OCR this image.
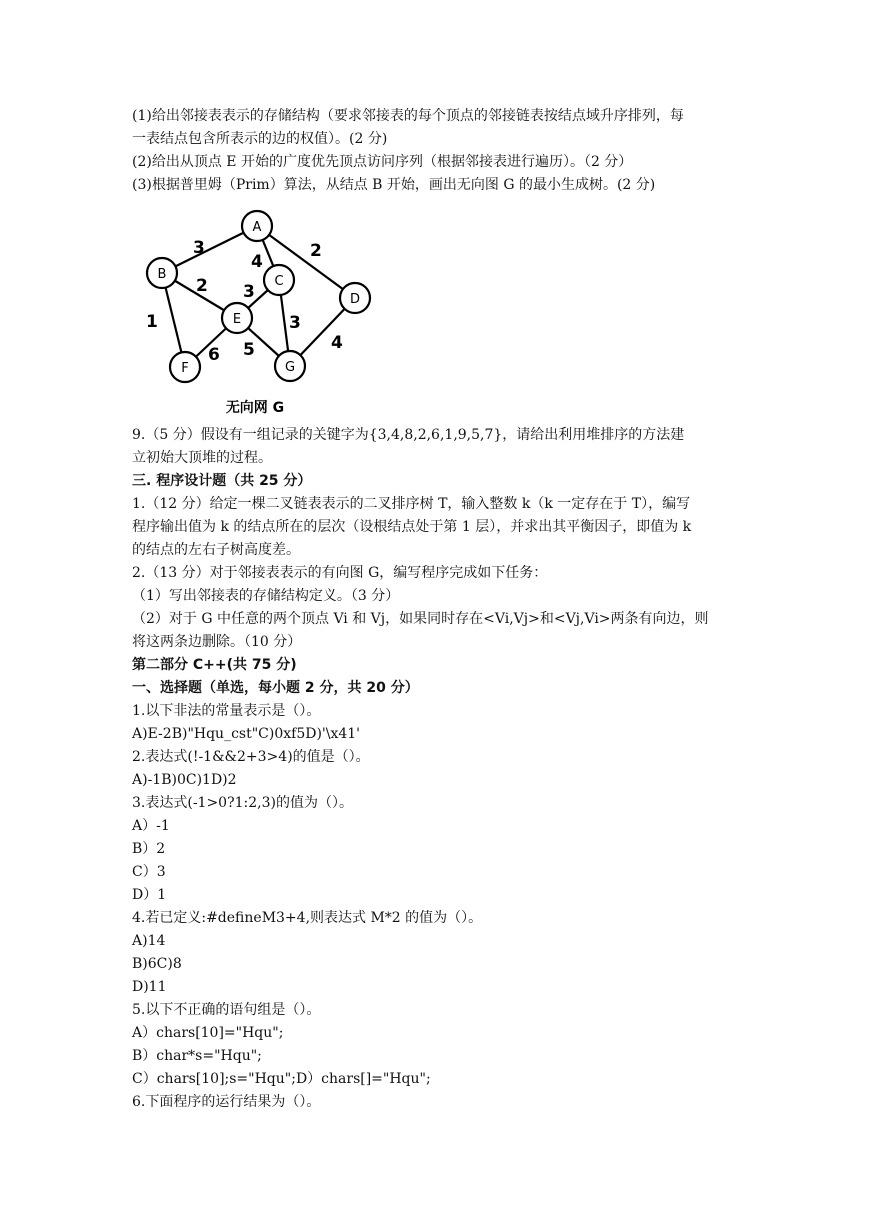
(1)给出邻接表表示的存储结构（要求邻接表的每个顶点的邻接链表按结点域升序排列，每
一表结点包含所表示的边的权值）。(2 分)
(2)给出从顶点 E 开始的广度优先顶点访问序列（根据邻接表进行遍历）。（2 分）
(3)根据普里姆（Prim）算法，从结点 B 开始，画出无向图 G 的最小生成树。(2 分)
3
4
2
2
1
3
3
6 5	4
A
B	C
D
E
F	G
无向网 G
9.（5 分）假设有一组记录的关键字为{3,4,8,2,6,1,9,5,7}，请给出利用堆排序的方法建
立初始大顶堆的过程。
三. 程序设计题（共 25 分）
1.（12 分）给定一棵二叉链表表示的二叉排序树 T，输入整数 k（k 一定存在于 T），编写
程序输出值为 k 的结点所在的层次（设根结点处于第 1 层），并求出其平衡因子，即值为 k
的结点的左右子树高度差。
2.（13 分）对于邻接表表示的有向图 G，编写程序完成如下任务：
（1）写出邻接表的存储结构定义。（3 分）
（2）对于 G 中任意的两个顶点 Vi 和 Vj，如果同时存在<Vi,Vj>和<Vj,Vi>两条有向边，则
将这两条边删除。（10 分）
第二部分 C++(共 75 分)
一、选择题（单选，每小题 2 分，共 20 分）
1.以下非法的常量表示是（）。
A)E-2B)"Hqu_cst"C)0xf5D)'\x41'
2.表达式(!-1&&2+3>4)的值是（）。
A)-1B)0C)1D)2
3.表达式(-1>0?1:2,3)的值为（）。
A）-1
B）2
C）3
D）1
4.若已定义:#defineM3+4,则表达式 M*2 的值为（）。
A)14
B)6C)8
D)11
5.以下不正确的语句组是（）。
A）chars[10]="Hqu";
B）char*s="Hqu";
C）chars[10];s="Hqu";D）chars[]="Hqu";
6.下面程序的运行结果为（）。
